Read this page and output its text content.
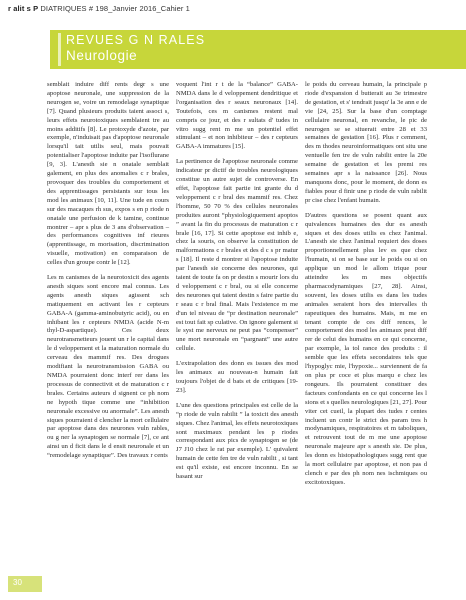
r alit s P DIATRIQUES # 198_Janvier 2016_Cahier 1
REVUES G N RALES
Neurologie

semblait induire diff rents degr s une apoptose neuronale, une suppression de la neurogen se, voire un remodelage synaptique [7]. Quand plusieurs produits taient associ s, leurs effets neurotoxiques semblaient tre au moins additifs [8]. Le protoxyde d'azote, par exemple, n'induisait pas d'apoptose neuronale lorsqu'il tait utilis seul, mais pouvait potentialiser l'apoptose induite par l'isoflurane [9, 3]. L'anesth sie n onatale semblait galement, en plus des anomalies c r brales, provoquer des troubles du comportement et des apprentissages persistants sur tous les mod les animaux [10, 11]. Une tude en cours sur des macaques rh sus, expos s en p riode n onatale une perfusion de k tamine, continue montrer – apr s plus de 3 ans d'observation – des performances cognitives inf rieures (apprentissage, m morisation, discrimination visuelle, motivation) en comparaison de celles d'un groupe contr le [12].

Les m canismes de la neurotoxicit des agents anesth siques sont encore mal connus. Les agents anesth siques agissent sch matiquement en activant les r cepteurs GABA-A (gamma-aminobutyric acid), ou en inhibant les r cepteurs NMDA (acide N-m thyl-D-aspartique). Ces deux neurotransmetteurs jouent un r le capital dans le d veloppement et la maturation normale du cerveau des mammif res. Des drogues modifiant la neurotransmission GABA ou NMDA pourraient donc interf rer dans les processus de connectivit et de maturation c r brales. Certains auteurs d signent ce ph nom ne hypoth tique comme une “inhibition neuronale excessive ou anormale”. Les anesth siques pourraient d clencher la mort cellulaire par apoptose dans des neurones vuln rables, ou g ner la synaptogen se normale [7], ce ant ainsi un d ficit dans le d ensit neuronale et un “remodelage synaptique”. Des travaux r cents

voquent l'int r t de la “balance” GABA-NMDA dans le d veloppement dendritique et l'organisation des r seaux neuronaux [14]. Toutefois, ces m canismes restent mal compris ce jour, et des r sultats d' tudes in vitro sugg rent m me un potentiel effet stimulant – et non inhibiteur – des r cepteurs GABA-A immatures [15].

La pertinence de l'apoptose neuronale comme indicateur pr dictif de troubles neurologiques constitue un autre sujet de controverse. En effet, l'apoptose fait partie int grante du d veloppement c r bral des mammif res. Chez l'homme, 50 70 % des cellules neuronales produites auront “physiologiquement apoptos ” avant la fin du processus de maturation c r brale [16, 17]. Si cette apoptose est inhib e, chez la souris, on observe la constitution de malformations c r brales et des d c s pr matur s [18]. Il reste d montrer si l'apoptose induite par l'anesth sie concerne des neurones, qui taient de toute fa on pr destin s mourir lors du d veloppement c r bral, ou si elle concerne des neurones qui taient destin s faire partie du r seau c r bral final. Mais l'existence m me d'un tel niveau de “pr destination neuronale” est tout fait sp culative. On ignore galement si le syst me nerveux ne peut pas “compenser” une mort neuronale en “pargnant” une autre cellule.

L'extrapolation des donn es issues des mod les animaux au nouveau-n humain fait toujours l'objet de d bats et de critiques [19-23].

L'une des questions principales est celle de la “p riode de vuln rabilit ” la toxicit des anesth siques. Chez l'animal, les effets neurotoxiques sont maximaux pendant les p riodes correspondant aux pics de synaptogen se (de J7 J10 chez le rat par exemple). L' quivalent humain de cette fen tre de vuln rabilit , si tant est qu'il existe, est encore inconnu. En se basant sur

le poids du cerveau humain, la principale p riode d'expansion d butterait au 3e trimestre de gestation, et s' tendrait jusqu' la 3e ann e de vie [24, 25]. Sur la base d'un comptage cellulaire neuronal, en revanche, le pic de neurogen se se situerait entre 28 et 33 semaines de gestation [16]. Plus r cemment, des m thodes neuroinformatiques ont situ une ventuelle fen tre de vuln rabilit entre la 20e semaine de gestation et les premi res semaines apr s la naissance [26]. Nous manquons donc, pour le moment, de donn es fiables pour d finir une p riode de vuln rabilit pr cise chez l'enfant humain.

D'autres questions se posent quant aux quivalences humaines des dur es anesth siques et des doses utilis es chez l'animal. L'anesth sie chez l'animal requiert des doses proportionnellement plus lev es que chez l'humain, si on se base sur le poids ou si on applique un mod le allom trique pour atteindre les m mes objectifs pharmacodynamiques [27, 28]. Ainsi, souvent, les doses utilis es dans les tudes animales seraient hors des intervalles th rapeutiques des humains. Mais, m me en tenant compte de ces diff rences, le comportement des mod les animaux peut diff rer de celui des humains en ce qui concerne, par exemple, la tol rance des produits : il semble que les effets secondaires tels que l'hypoglyc mie, l'hypoxie... surviennent de fa on plus pr coce et plus marqu e chez les rongeurs. Ils pourraient constituer des facteurs confondants en ce qui concerne les l sions et s quelles neurologiques [21, 27]. Pour viter cet cueil, la plupart des tudes r centes incluent un contr le strict des param tres h modynamiques, respiratoires et m taboliques, et retrouvent tout de m me une apoptose neuronale majeure apr s anesth sie. De plus, les donn es histopathologiques sugg rent que la mort cellulaire par apoptose, et non pas d clench e par des ph nom nes ischmiques ou excitotoxiques.

30
